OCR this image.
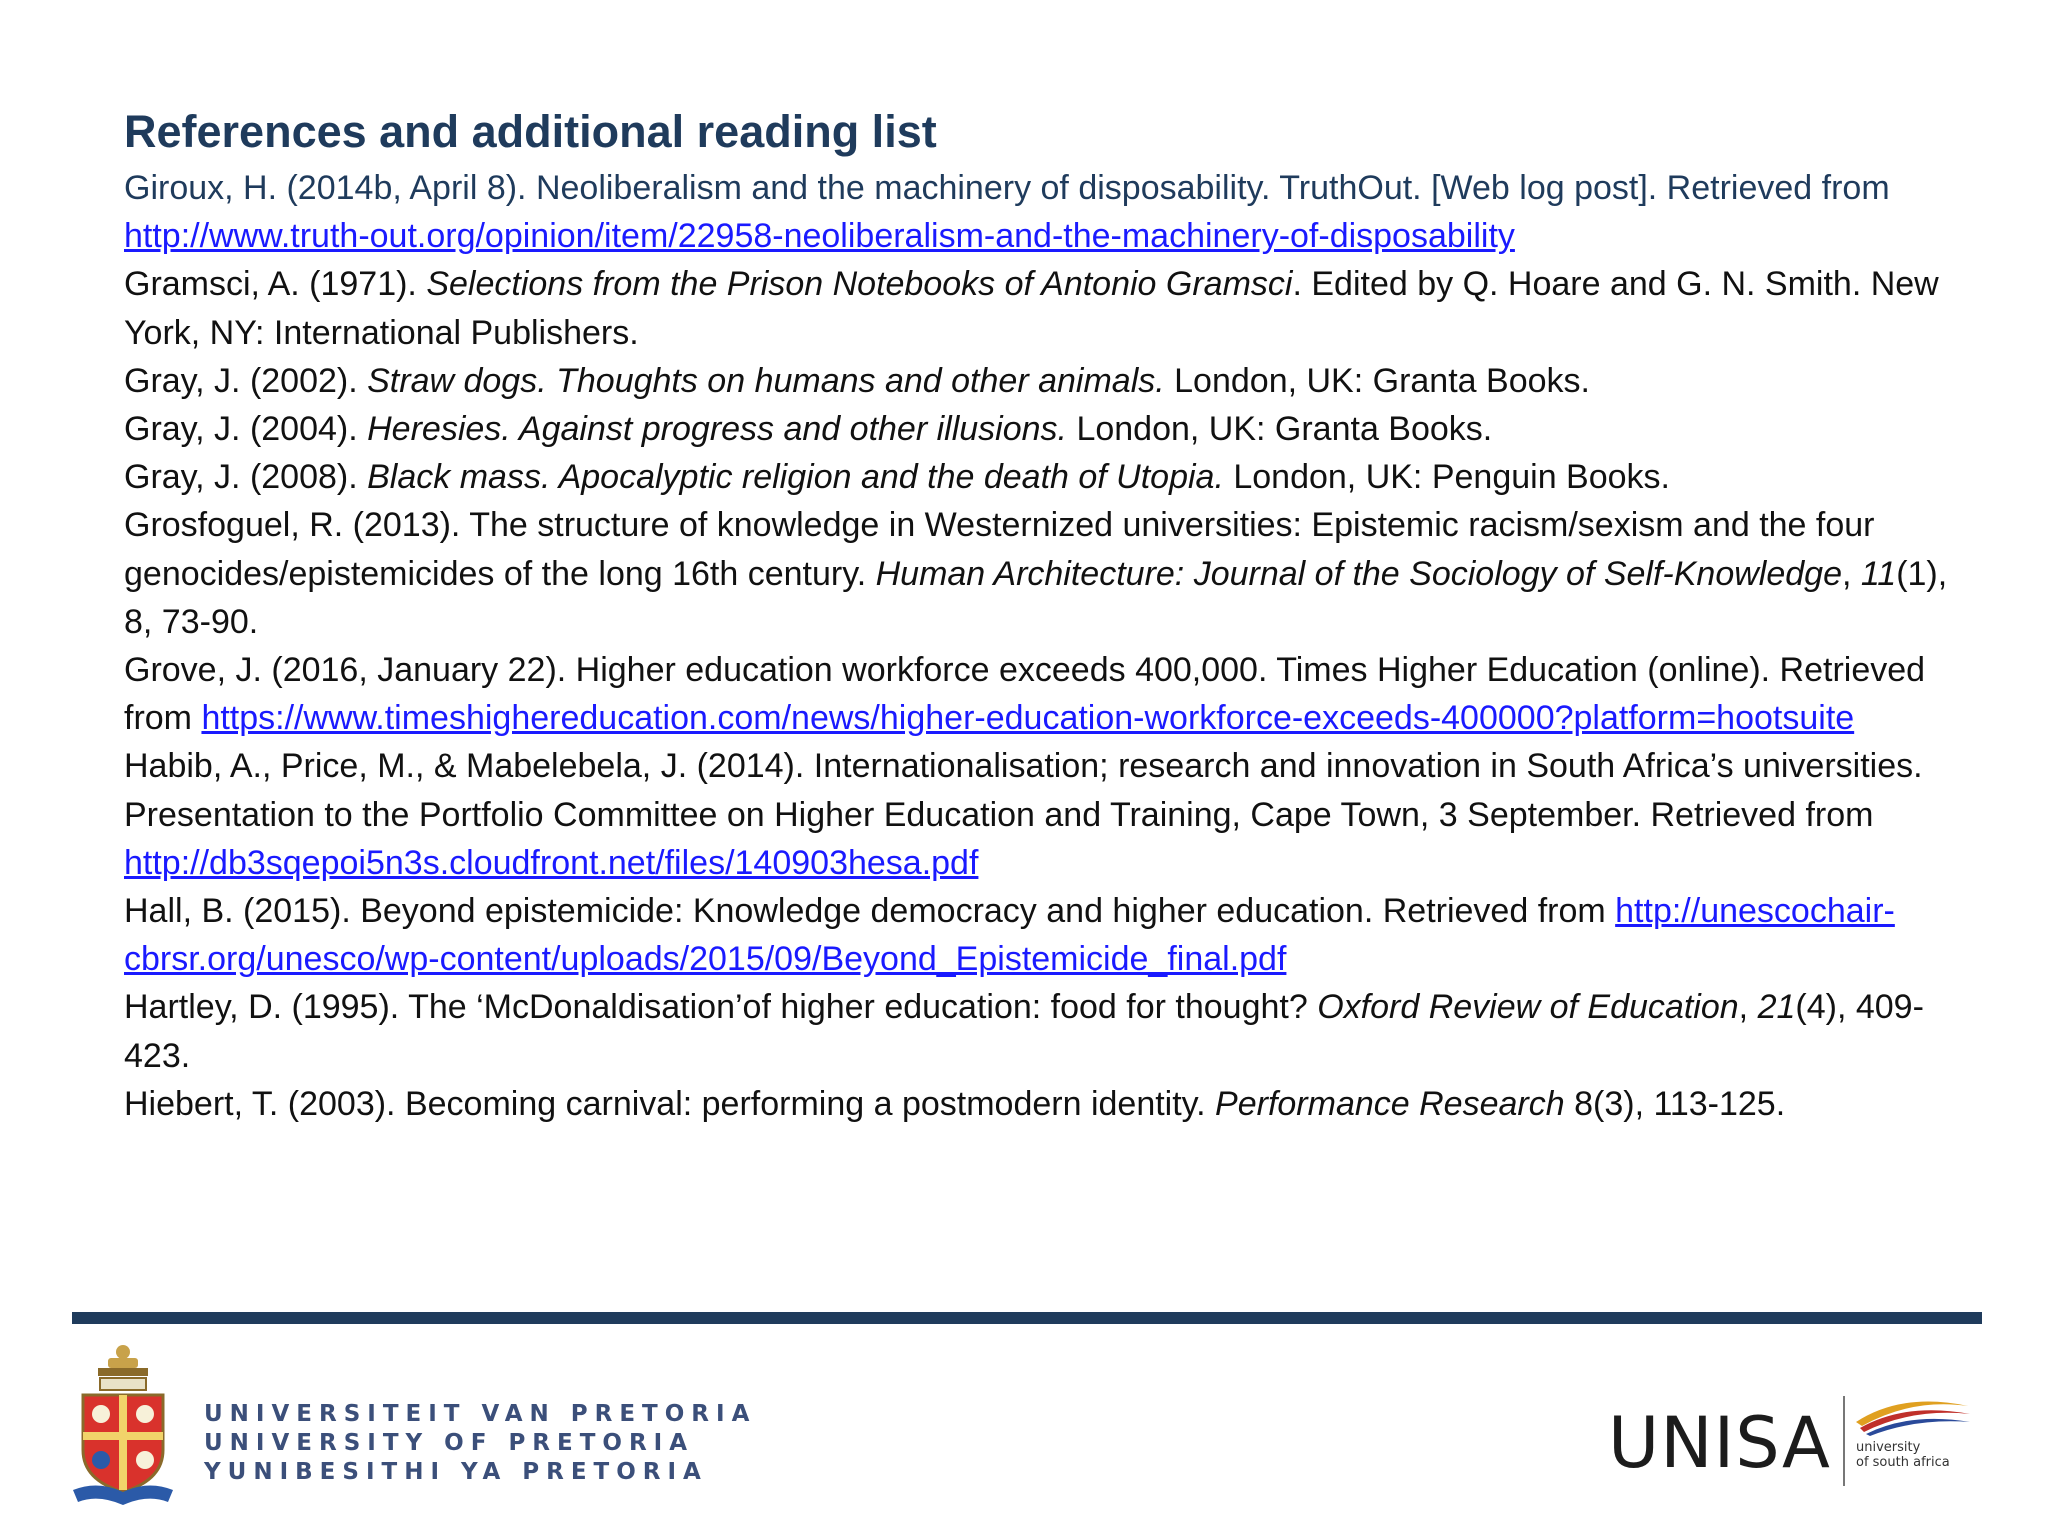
References and additional reading list

Giroux, H. (2014b, April 8). Neoliberalism and the machinery of disposability. TruthOut. [Web log post]. Retrieved from http://www.truth-out.org/opinion/item/22958-neoliberalism-and-the-machinery-of-disposability

Gramsci, A. (1971). Selections from the Prison Notebooks of Antonio Gramsci. Edited by Q. Hoare and G. N. Smith. New York, NY: International Publishers.

Gray, J. (2002). Straw dogs. Thoughts on humans and other animals. London, UK: Granta Books.

Gray, J. (2004). Heresies. Against progress and other illusions. London, UK: Granta Books.

Gray, J. (2008). Black mass. Apocalyptic religion and the death of Utopia. London, UK: Penguin Books.

Grosfoguel, R. (2013). The structure of knowledge in Westernized universities: Epistemic racism/sexism and the four genocides/epistemicides of the long 16th century. Human Architecture: Journal of the Sociology of Self-Knowledge, 11(1), 8, 73-90.

Grove, J. (2016, January 22). Higher education workforce exceeds 400,000. Times Higher Education (online). Retrieved from https://www.timeshighereducation.com/news/higher-education-workforce-exceeds-400000?platform=hootsuite

Habib, A., Price, M., & Mabelebela, J. (2014). Internationalisation; research and innovation in South Africa’s universities. Presentation to the Portfolio Committee on Higher Education and Training, Cape Town, 3 September. Retrieved from http://db3sqepoi5n3s.cloudfront.net/files/140903hesa.pdf

Hall, B. (2015). Beyond epistemicide: Knowledge democracy and higher education. Retrieved from http://unescochair-cbrsr.org/unesco/wp-content/uploads/2015/09/Beyond_Epistemicide_final.pdf

Hartley, D. (1995). The ‘McDonaldisation’of higher education: food for thought? Oxford Review of Education, 21(4), 409-423.

Hiebert, T. (2003). Becoming carnival: performing a postmodern identity. Performance Research 8(3), 113-125.

UNIVERSITEIT VAN PRETORIA
UNIVERSITY OF PRETORIA
YUNIBESITHI YA PRETORIA	UNISA university
of south africa
